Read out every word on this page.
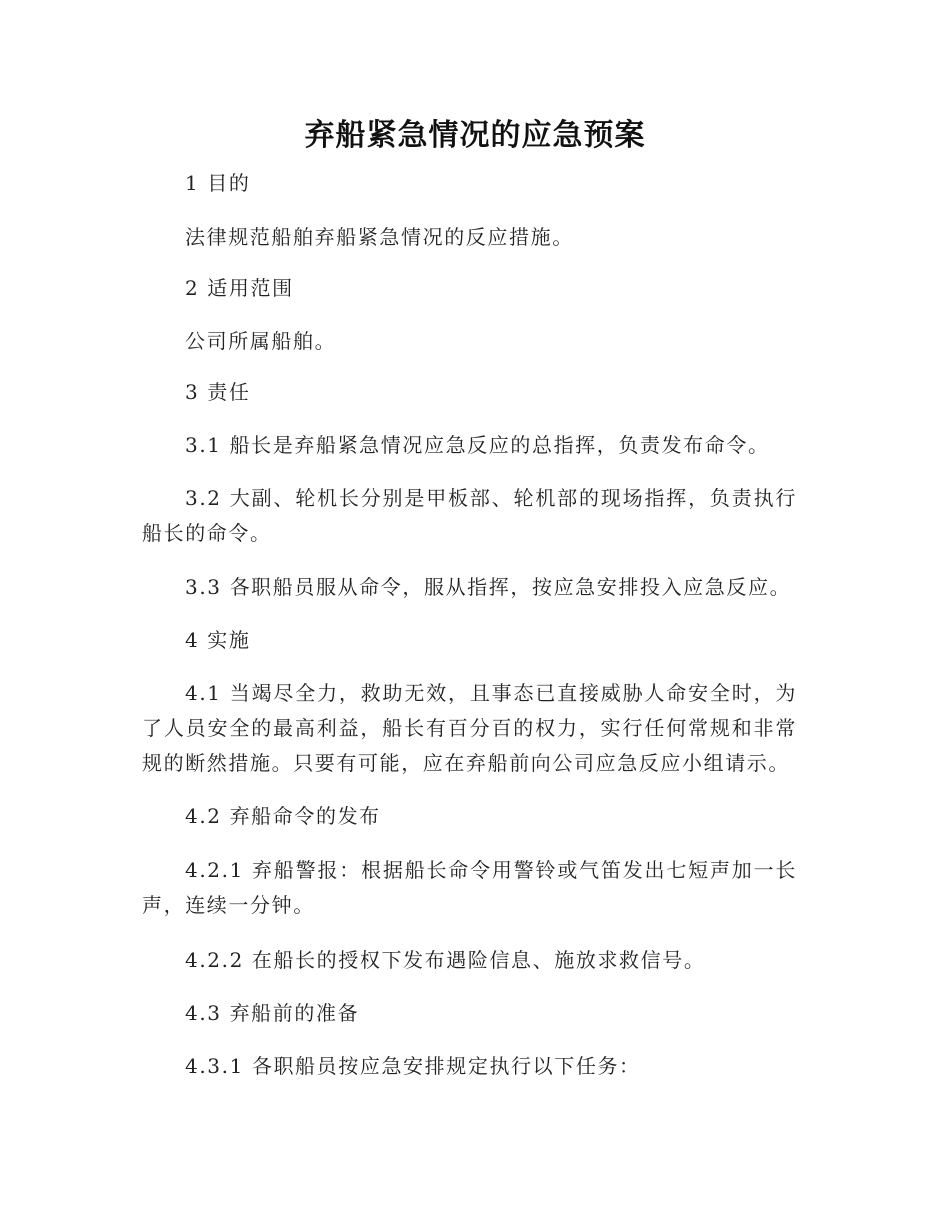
弃船紧急情况的应急预案

1 目的

法律规范船舶弃船紧急情况的反应措施。

2 适用范围

公司所属船舶。

3 责任

3.1 船长是弃船紧急情况应急反应的总指挥，负责发布命令。

3.2 大副、轮机长分别是甲板部、轮机部的现场指挥，负责执行船长的命令。

3.3 各职船员服从命令，服从指挥，按应急安排投入应急反应。

4 实施

4.1 当竭尽全力，救助无效，且事态已直接威胁人命安全时，为了人员安全的最高利益，船长有百分百的权力，实行任何常规和非常规的断然措施。只要有可能，应在弃船前向公司应急反应小组请示。

4.2 弃船命令的发布

4.2.1 弃船警报：根据船长命令用警铃或气笛发出七短声加一长声，连续一分钟。

4.2.2 在船长的授权下发布遇险信息、施放求救信号。

4.3 弃船前的准备

4.3.1 各职船员按应急安排规定执行以下任务：
